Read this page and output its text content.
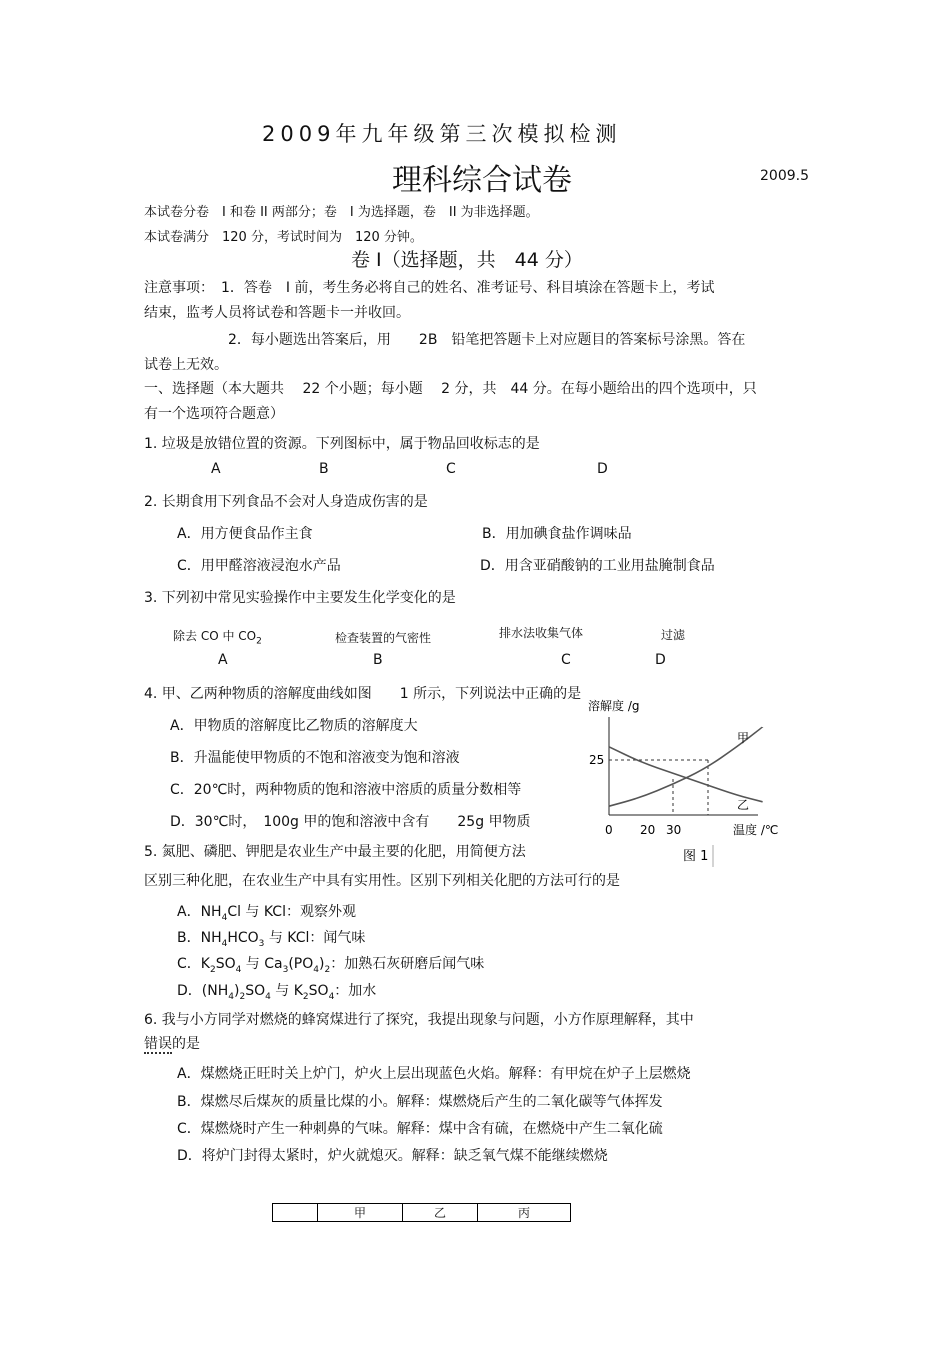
2009年九年级第三次模拟检测
理科综合试卷	2009.5
本试卷分卷　I 和卷 II 两部分；卷　I 为选择题，卷　II 为非选择题。
本试卷满分　120 分，考试时间为　120 分钟。
卷 I（选择题，共　44 分）
注意事项：　1．答卷　I 前，考生务必将自己的姓名、准考证号、科目填涂在答题卡上，考试
结束，监考人员将试卷和答题卡一并收回。
2．每小题选出答案后，用　　2B　铅笔把答题卡上对应题目的答案标号涂黑。答在
试卷上无效。
一、选择题（本大题共　 22 个小题；每小题　 2 分，共　44 分。在每小题给出的四个选项中，只
有一个选项符合题意）
1. 垃圾是放错位置的资源。下列图标中，属于物品回收标志的是
A	B	C	D
2. 长期食用下列食品不会对人身造成伤害的是
A．用方便食品作主食	B．用加碘食盐作调味品
C．用甲醛溶液浸泡水产品	D．用含亚硝酸钠的工业用盐腌制食品
3. 下列初中常见实验操作中主要发生化学变化的是
除去 CO 中 $CO_2$	检查装置的气密性	排水法收集气体	过滤
A	B	C	D
4. 甲、乙两种物质的溶解度曲线如图　　1 所示，下列说法中正确的是
A．甲物质的溶解度比乙物质的溶解度大
B．升温能使甲物质的不饱和溶液变为饱和溶液
C．20℃时，两种物质的饱和溶液中溶质的质量分数相等
D．30℃时，　100g 甲的饱和溶液中含有　　25g 甲物质
溶解度 /g
温度 /℃
25
0 20 30
甲
乙
图 1
5. 氮肥、磷肥、钾肥是农业生产中最主要的化肥，用简便方法
区别三种化肥，在农业生产中具有实用性。区别下列相关化肥的方法可行的是
A．$NH_4Cl$ 与 KCl：观察外观
B．$NH_4HCO_3$ 与 KCl：闻气味
C．$K_2SO_4$ 与 $Ca_3(PO_4)_2$：加熟石灰研磨后闻气味
D．$(NH_4)_2SO_4$ 与 $K_2SO_4$：加水
6. 我与小方同学对燃烧的蜂窝煤进行了探究，我提出现象与问题，小方作原理解释，其中
错误的是
A．煤燃烧正旺时关上炉门，炉火上层出现蓝色火焰。解释：有甲烷在炉子上层燃烧
B．煤燃尽后煤灰的质量比煤的小。解释：煤燃烧后产生的二氧化碳等气体挥发
C．煤燃烧时产生一种刺鼻的气味。解释：煤中含有硫，在燃烧中产生二氧化硫
D．将炉门封得太紧时，炉火就熄灭。解释：缺乏氧气煤不能继续燃烧
	甲	乙	丙
